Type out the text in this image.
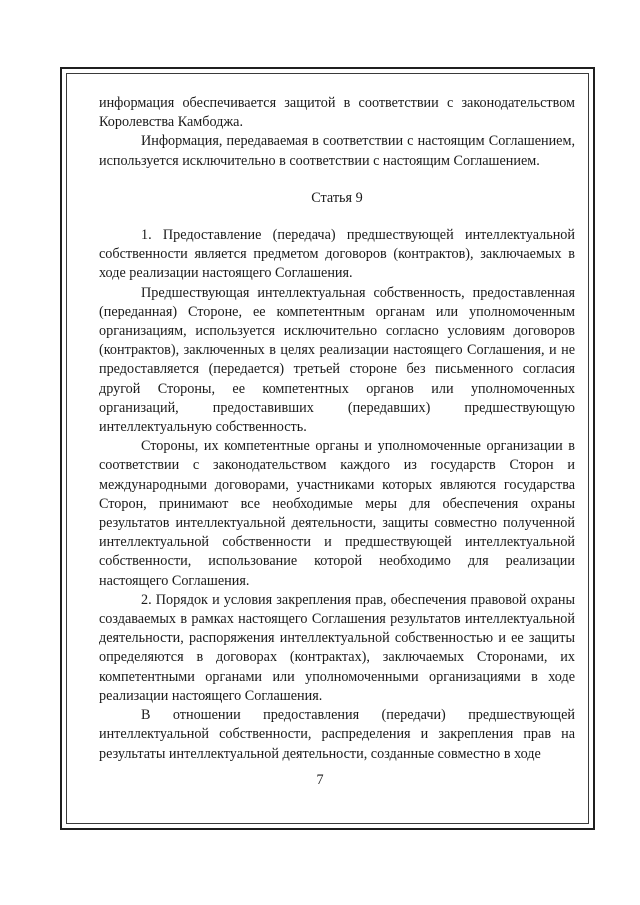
информация обеспечивается защитой в соответствии с законодательством Королевства Камбоджа.

Информация, передаваемая в соответствии с настоящим Соглашением, используется исключительно в соответствии с настоящим Соглашением.

Статья 9

1. Предоставление (передача) предшествующей интеллектуальной собственности является предметом договоров (контрактов), заключаемых в ходе реализации настоящего Соглашения.

Предшествующая интеллектуальная собственность, предоставленная (переданная) Стороне, ее компетентным органам или уполномоченным организациям, используется исключительно согласно условиям договоров (контрактов), заключенных в целях реализации настоящего Соглашения, и не предоставляется (передается) третьей стороне без письменного согласия другой Стороны, ее компетентных органов или уполномоченных организаций, предоставивших (передавших) предшествующую интеллектуальную собственность.

Стороны, их компетентные органы и уполномоченные организации в соответствии с законодательством каждого из государств Сторон и международными договорами, участниками которых являются государства Сторон, принимают все необходимые меры для обеспечения охраны результатов интеллектуальной деятельности, защиты совместно полученной интеллектуальной собственности и предшествующей интеллектуальной собственности, использование которой необходимо для реализации настоящего Соглашения.

2. Порядок и условия закрепления прав, обеспечения правовой охраны создаваемых в рамках настоящего Соглашения результатов интеллектуальной деятельности, распоряжения интеллектуальной собственностью и ее защиты определяются в договорах (контрактах), заключаемых Сторонами, их компетентными органами или уполномоченными организациями в ходе реализации настоящего Соглашения.

В отношении предоставления (передачи) предшествующей интеллектуальной собственности, распределения и закрепления прав на результаты интеллектуальной деятельности, созданные совместно в ходе

7
